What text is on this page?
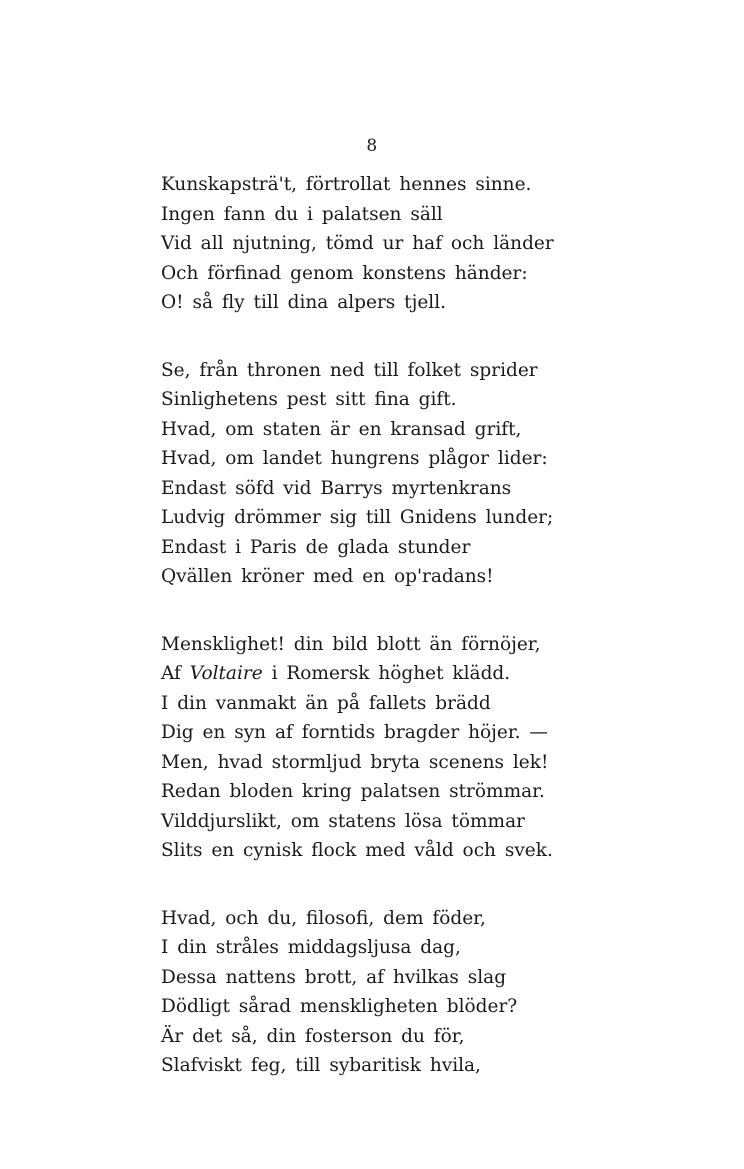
8
Kunskapsträ't, förtrollat hennes sinne.
Ingen fann du i palatsen säll
Vid all njutning, tömd ur haf och länder
Och förfinad genom konstens händer:
O! så fly till dina alpers tjell.
Se, från thronen ned till folket sprider
Sinlighetens pest sitt fina gift.
Hvad, om staten är en kransad grift,
Hvad, om landet hungrens plågor lider:
Endast söfd vid Barrys myrtenkrans
Ludvig drömmer sig till Gnidens lunder;
Endast i Paris de glada stunder
Qvällen kröner med en op'radans!
Mensklighet! din bild blott än förnöjer,
Af Voltaire i Romersk höghet klädd.
I din vanmakt än på fallets brädd
Dig en syn af forntids bragder höjer. —
Men, hvad stormljud bryta scenens lek!
Redan bloden kring palatsen strömmar.
Vilddjurslikt, om statens lösa tömmar
Slits en cynisk flock med våld och svek.
Hvad, och du, filosofi, dem föder,
I din stråles middagsljusa dag,
Dessa nattens brott, af hvilkas slag
Dödligt sårad menskligheten blöder?
Är det så, din fosterson du för,
Slafviskt feg, till sybaritisk hvila,
